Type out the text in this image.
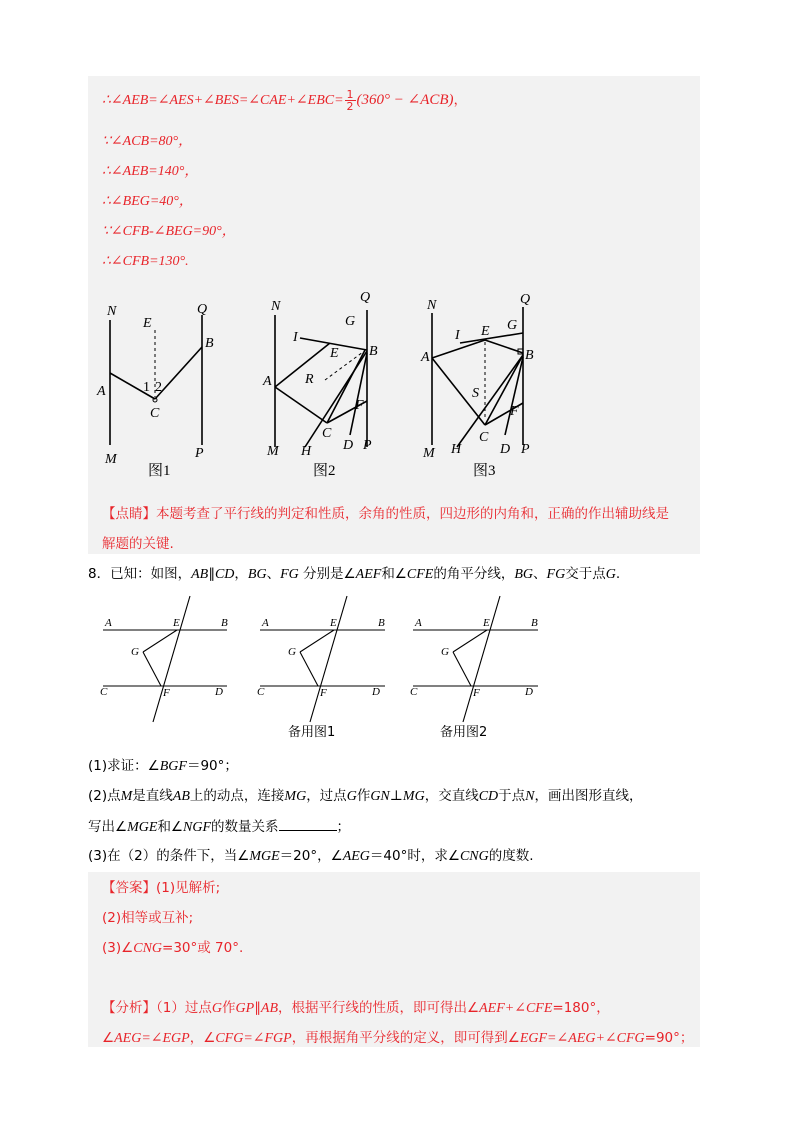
∴∠AEB=∠AES+∠BES=∠CAE+∠EBC= $\frac{1}{2} (360^\circ$ − ∠ACB)，
∵∠ACB=80°，
∴∠AEB=140°，
∴∠BEG=40°，
∵∠CFB-∠BEG=90°，
∴∠CFB=130°.
N
E
Q
B
A	1 2
C
M	P
图1
N
Q
I
G
E B
A R
F
C
M H D P
图2
N	Q
I E G
A	B
S
F
C
M H	D P
图3
【点睛】本题考查了平行线的判定和性质，余角的性质，四边形的内角和，正确的作出辅助线是
解题的关键.
8．已知：如图，AB∥CD，BG、FG 分别是∠AEF和∠CFE的角平分线，BG、FG交于点G.
A	E	B
G
C	F	D
A	E	B
G
C	F	D
A	E	B
G
C	F	D
备用图1	备用图2
(1)求证：∠BGF＝90°；
(2)点M是直线AB上的动点，连接MG，过点G作GN⊥MG，交直线CD于点N，画出图形直线，
写出∠MGE和∠NGF的数量关系	；
(3)在（2）的条件下，当∠MGE＝20°，∠AEG＝40°时，求∠CNG的度数.
【答案】(1)见解析;
(2)相等或互补;
(3)∠CNG=30°或 70°.
【分析】（1）过点G作GP∥AB，根据平行线的性质，即可得出∠AEF+∠CFE=180°，
∠AEG=∠EGP，∠CFG=∠FGP，再根据角平分线的定义，即可得到∠EGF=∠AEG+∠CFG=90°；
